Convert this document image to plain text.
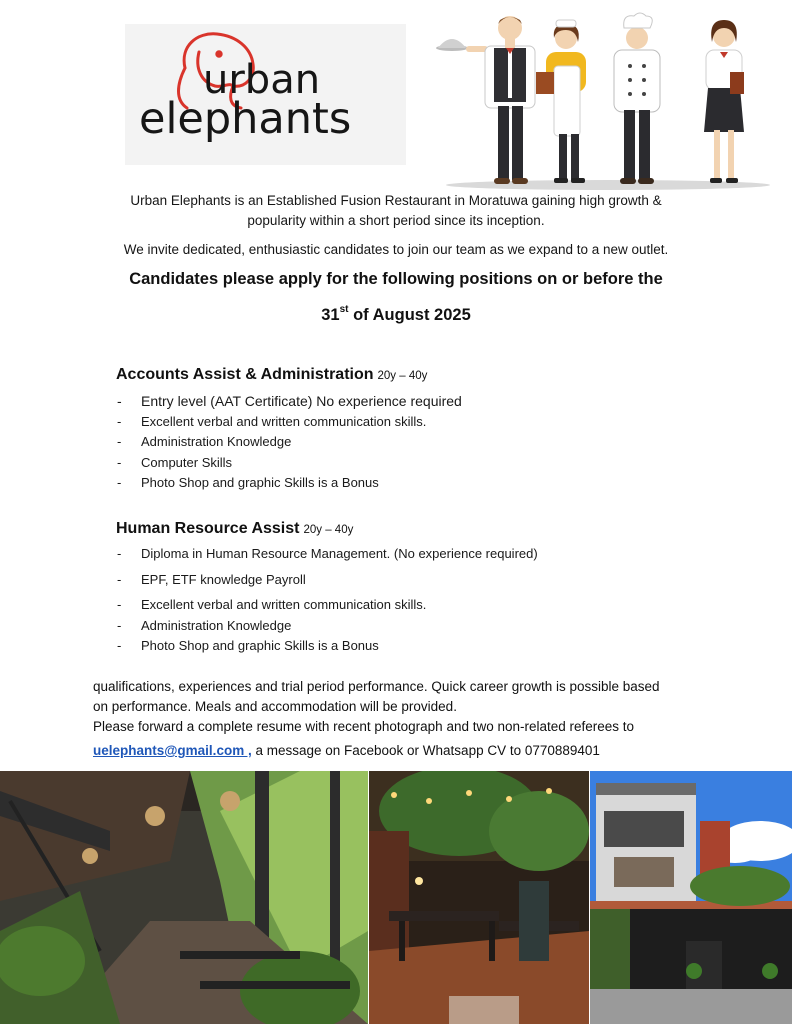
urban
elephants
Urban Elephants is an Established Fusion Restaurant in Moratuwa gaining high growth &
popularity within a short period since its inception.
We invite dedicated, enthusiastic candidates to join our team as we expand to a new outlet.
Candidates please apply for the following positions on or before the
31st of August 2025
Accounts Assist & Administration 20y – 40y
- Entry level (AAT Certificate) No experience required
- Excellent verbal and written communication skills.
- Administration Knowledge
- Computer Skills
- Photo Shop and graphic Skills is a Bonus
Human Resource Assist 20y – 40y
- Diploma in Human Resource Management. (No experience required)
- EPF, ETF knowledge Payroll
- Excellent verbal and written communication skills.
- Administration Knowledge
- Photo Shop and graphic Skills is a Bonus
qualifications, experiences and trial period performance. Quick career growth is possible based
on performance. Meals and accommodation will be provided.
Please forward a complete resume with recent photograph and two non-related referees to
uelephants@gmail.com , a message on Facebook or Whatsapp CV to 0770889401
